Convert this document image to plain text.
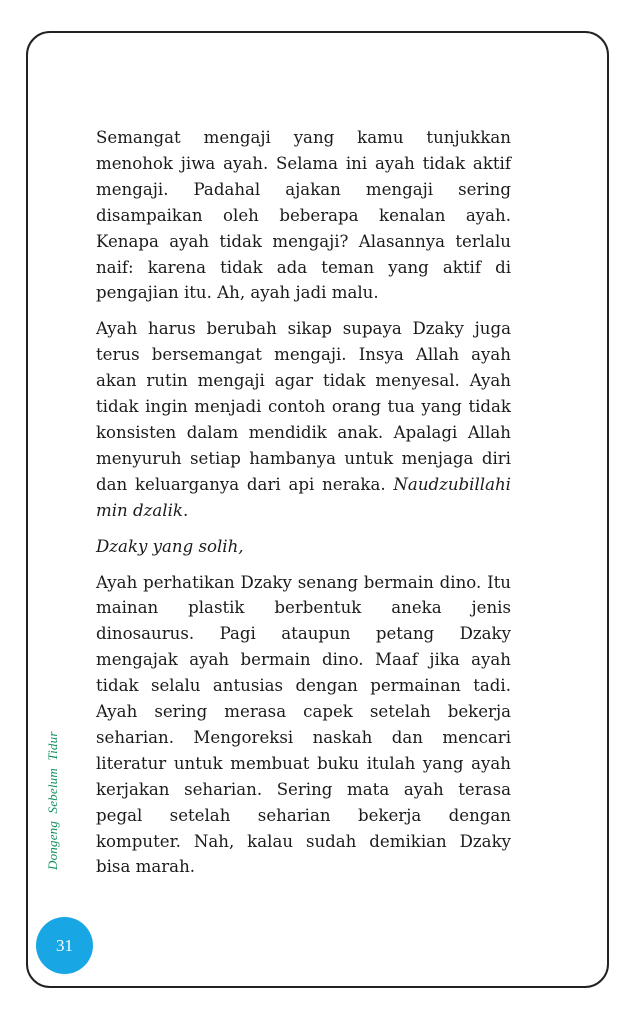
Semangat mengaji yang kamu tunjukkan menohok jiwa ayah. Selama ini ayah tidak aktif mengaji. Padahal ajakan mengaji sering disampaikan oleh beberapa kenalan ayah. Kenapa ayah tidak mengaji? Alasannya terlalu naif: karena tidak ada teman yang aktif di pengajian itu. Ah, ayah jadi malu.

Ayah harus berubah sikap supaya Dzaky juga terus bersemangat mengaji. Insya Allah ayah akan rutin mengaji agar tidak menyesal. Ayah tidak ingin menjadi contoh orang tua yang tidak konsisten dalam mendidik anak. Apalagi Allah menyuruh setiap hambanya untuk menjaga diri dan keluarganya dari api neraka. Naudzubillahi min dzalik.

Dzaky yang solih,

Ayah perhatikan Dzaky senang bermain dino. Itu mainan plastik berbentuk aneka jenis dinosaurus. Pagi ataupun petang Dzaky mengajak ayah bermain dino. Maaf jika ayah tidak selalu antusias dengan permainan tadi. Ayah sering merasa capek setelah bekerja seharian. Mengoreksi naskah dan mencari literatur untuk membuat buku itulah yang ayah kerjakan seharian. Sering mata ayah terasa pegal setelah seharian bekerja dengan komputer. Nah, kalau sudah demikian Dzaky bisa marah.

Dongeng Sebelum Tidur
31
